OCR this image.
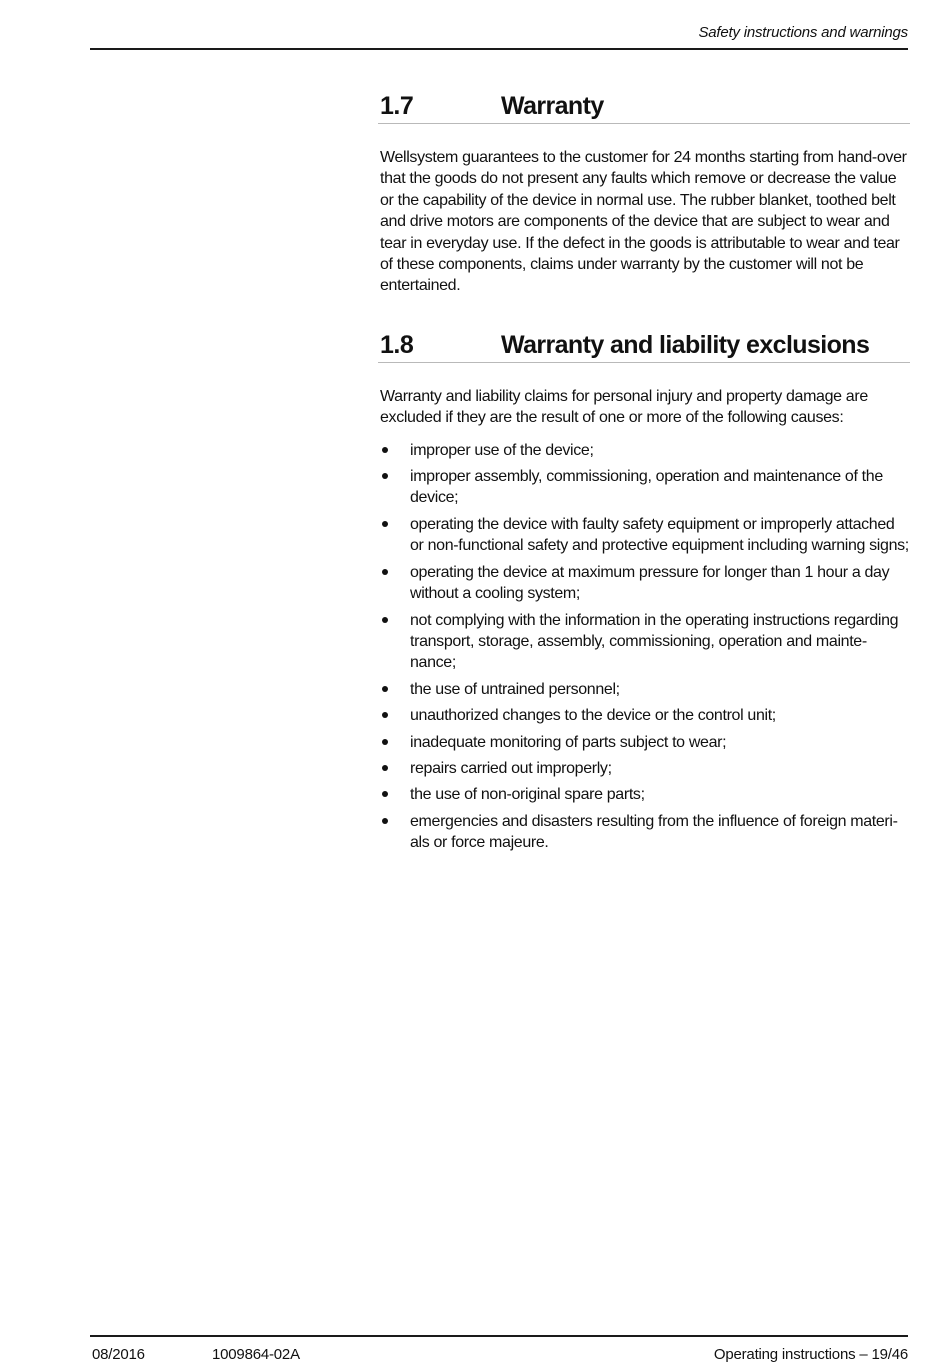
Safety instructions and warnings
1.7	Warranty

Wellsystem guarantees to the customer for 24 months starting from hand-over that the goods do not present any faults which remove or decrease the value or the capability of the device in normal use. The rubber blanket, toothed belt and drive motors are components of the device that are subject to wear and tear in everyday use. If the defect in the goods is attributable to wear and tear of these components, claims under warranty by the customer will not be entertained.

1.8	Warranty and liability exclusions

Warranty and liability claims for personal injury and property damage are excluded if they are the result of one or more of the following causes:

improper use of the device;
improper assembly, commissioning, operation and maintenance of the device;
operating the device with faulty safety equipment or improperly attached or non-functional safety and protective equipment including warning signs;
operating the device at maximum pressure for longer than 1 hour a day without a cooling system;
not complying with the information in the operating instructions regarding transport, storage, assembly, commissioning, operation and mainte-nance;
the use of untrained personnel;
unauthorized changes to the device or the control unit;
inadequate monitoring of parts subject to wear;
repairs carried out improperly;
the use of non-original spare parts;
emergencies and disasters resulting from the influence of foreign materi-als or force majeure.
08/2016	1009864-02A	Operating instructions – 19/46
